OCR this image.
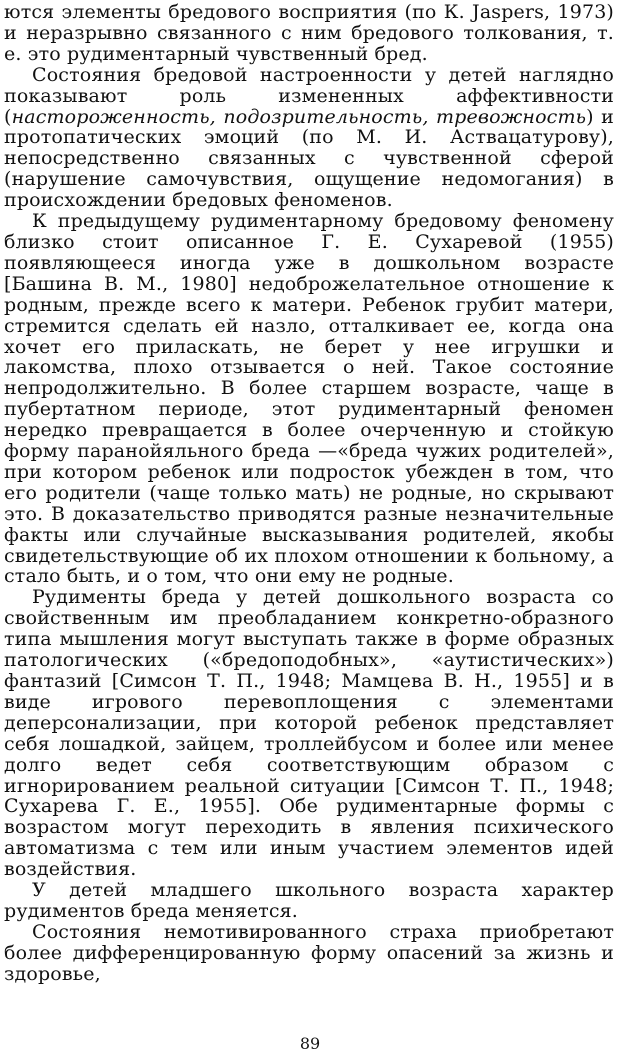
ются элементы бредового восприятия (по К. Jaspers, 1973) и неразрывно связанного с ним бредового толкования, т. е. это рудиментарный чувственный бред.

Состояния бредовой настроенности у детей наглядно показывают роль измененных аффективности (настороженность, подозрительность, тревожность) и протопатических эмоций (по М. И. Аствацатурову), непосредственно связанных с чувственной сферой (нарушение самочувствия, ощущение недомогания) в происхождении бредовых феноменов.

К предыдущему рудиментарному бредовому феномену близко стоит описанное Г. Е. Сухаревой (1955) появляющееся иногда уже в дошкольном возрасте [Башина В. М., 1980] недоброжелательное отношение к родным, прежде всего к матери. Ребенок грубит матери, стремится сделать ей назло, отталкивает ее, когда она хочет его приласкать, не берет у нее игрушки и лакомства, плохо отзывается о ней. Такое состояние непродолжительно. В более старшем возрасте, чаще в пубертатном периоде, этот рудиментарный феномен нередко превращается в более очерченную и стойкую форму паранойяльного бреда —«бреда чужих родителей», при котором ребенок или подросток убежден в том, что его родители (чаще только мать) не родные, но скрывают это. В доказательство приводятся разные незначительные факты или случайные высказывания родителей, якобы свидетельствующие об их плохом отношении к больному, а стало быть, и о том, что они ему не родные.

Рудименты бреда у детей дошкольного возраста со свойственным им преобладанием конкретно-образного типа мышления могут выступать также в форме образных патологических («бредоподобных», «аутистических») фантазий [Симсон Т. П., 1948; Мамцева В. Н., 1955] и в виде игрового перевоплощения с элементами деперсонализации, при которой ребенок представляет себя лошадкой, зайцем, троллейбусом и более или менее долго ведет себя соответствующим образом с игнорированием реальной ситуации [Симсон Т. П., 1948; Сухарева Г. Е., 1955]. Обе рудиментарные формы с возрастом могут переходить в явления психического автоматизма с тем или иным участием элементов идей воздействия.

У детей младшего школьного возраста характер рудиментов бреда меняется.

Состояния немотивированного страха приобретают более дифференцированную форму опасений за жизнь и здоровье,

89
